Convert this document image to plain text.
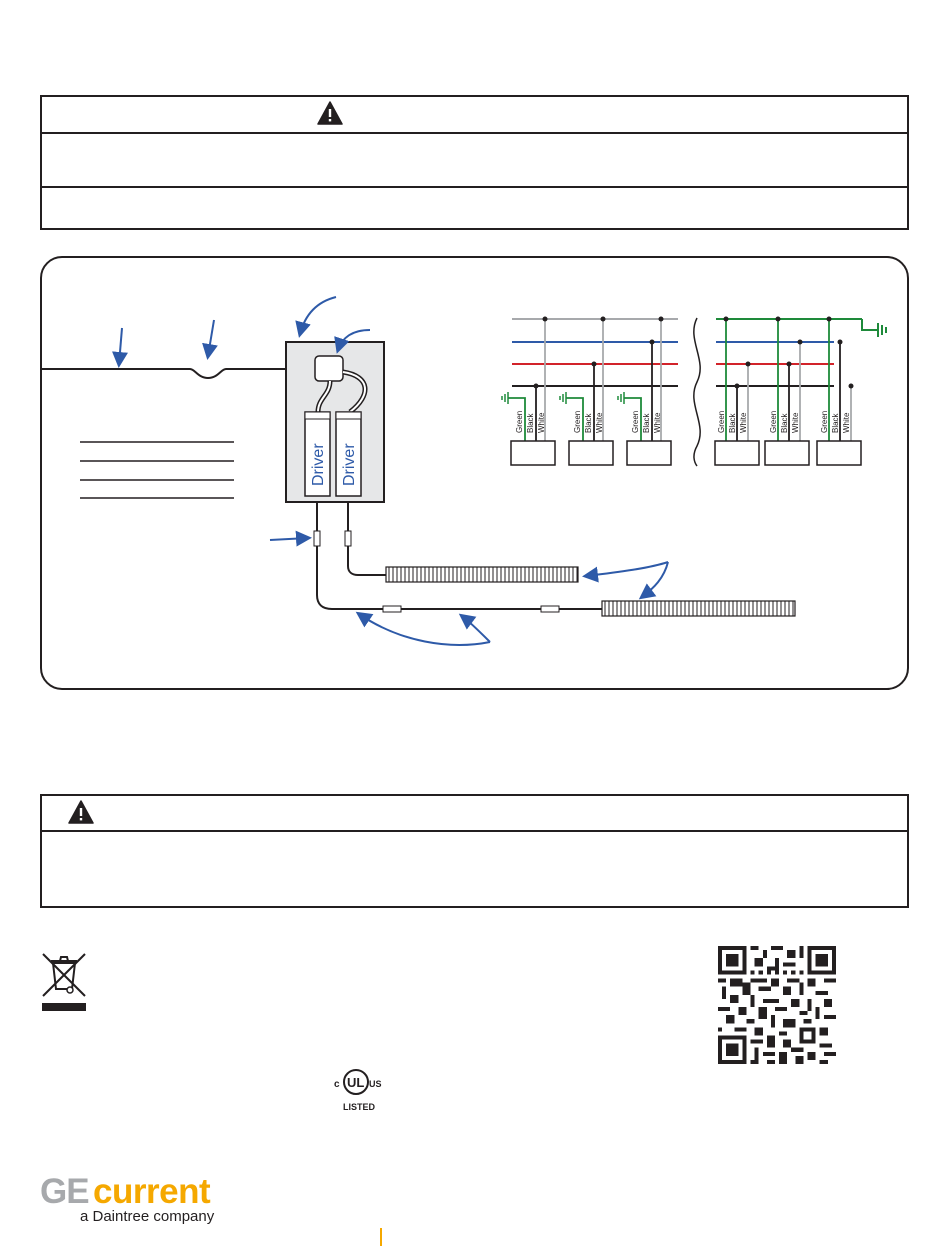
Driver Driver
Green Black White	Green Black White	Green Black White	Green Black White	Green Black White	Green Black White
c UL US
LISTED
GE current
a Daintree company
